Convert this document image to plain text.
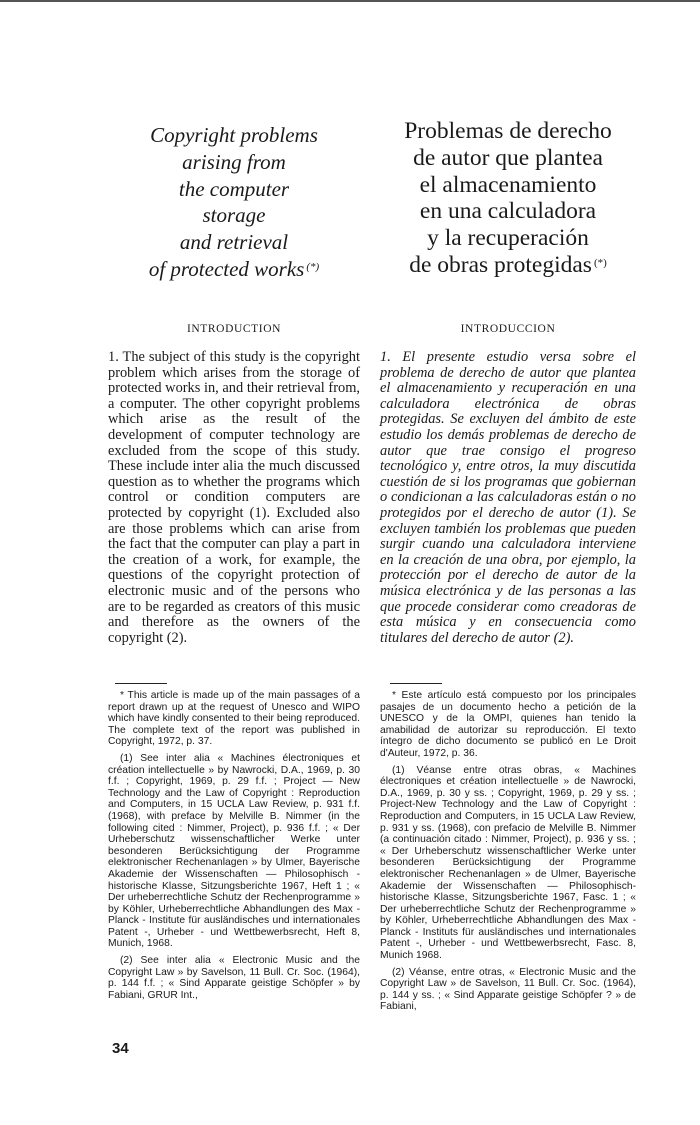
Copyright problems
arising from
the computer
storage
and retrieval
of protected works (*)
Problemas de derecho
de autor que plantea
el almacenamiento
en una calculadora
y la recuperación
de obras protegidas (*)
INTRODUCTION	INTRODUCCION
1. The subject of this study is the copyright problem which arises from the storage of protected works in, and their retrieval from, a computer. The other copyright problems which arise as the result of the development of computer technology are excluded from the scope of this study. These include inter alia the much discussed question as to whether the programs which control or condition computers are protected by copyright (1). Excluded also are those problems which can arise from the fact that the computer can play a part in the creation of a work, for example, the questions of the copyright protection of electronic music and of the persons who are to be regarded as creators of this music and therefore as the owners of the copyright (2).
1. El presente estudio versa sobre el problema de derecho de autor que plantea el almacenamiento y recuperación en una calculadora electrónica de obras protegidas. Se excluyen del ámbito de este estudio los demás problemas de derecho de autor que trae consigo el progreso tecnológico y, entre otros, la muy discutida cuestión de si los programas que gobiernan o condicionan a las calculadoras están o no protegidos por el derecho de autor (1). Se excluyen también los problemas que pueden surgir cuando una calculadora interviene en la creación de una obra, por ejemplo, la protección por el derecho de autor de la música electrónica y de las personas a las que procede considerar como creadoras de esta música y en consecuencia como titulares del derecho de autor (2).

* This article is made up of the main passages of a report drawn up at the request of Unesco and WIPO which have kindly consented to their being reproduced. The complete text of the report was published in Copyright, 1972, p. 37.

(1) See inter alia « Machines électroniques et création intellectuelle » by Nawrocki, D.A., 1969, p. 30 f.f. ; Copyright, 1969, p. 29 f.f. ; Project — New Technology and the Law of Copyright : Reproduction and Computers, in 15 UCLA Law Review, p. 931 f.f. (1968), with preface by Melville B. Nimmer (in the following cited : Nimmer, Project), p. 936 f.f. ; « Der Urheberschutz wissenschaftlicher Werke unter besonderen Berücksichtigung der Programme elektronischer Rechenanlagen » by Ulmer, Bayerische Akademie der Wissenschaften — Philosophisch - historische Klasse, Sitzungsberichte 1967, Heft 1 ; « Der urheberrechtliche Schutz der Rechenprogramme » by Köhler, Urheberrechtliche Abhandlungen des Max - Planck - Institute für ausländisches und internationales Patent -, Urheber - und Wettbewerbsrecht, Heft 8, Munich, 1968.

(2) See inter alia « Electronic Music and the Copyright Law » by Savelson, 11 Bull. Cr. Soc. (1964), p. 144 f.f. ; « Sind Apparate geistige Schöpfer » by Fabiani, GRUR Int.,

* Este artículo está compuesto por los principales pasajes de un documento hecho a petición de la UNESCO y de la OMPI, quienes han tenido la amabilidad de autorizar su reproducción. El texto íntegro de dicho documento se publicó en Le Droit d'Auteur, 1972, p. 36.

(1) Véanse entre otras obras, « Machines électroniques et création intellectuelle » de Nawrocki, D.A., 1969, p. 30 y ss. ; Copyright, 1969, p. 29 y ss. ; Project-New Technology and the Law of Copyright : Reproduction and Computers, in 15 UCLA Law Review, p. 931 y ss. (1968), con prefacio de Melville B. Nimmer (a continuación citado : Nimmer, Project), p. 936 y ss. ; « Der Urheberschutz wissenschaftlicher Werke unter besonderen Berücksichtigung der Programme elektronischer Rechenanlagen » de Ulmer, Bayerische Akademie der Wissenschaften — Philosophisch-historische Klasse, Sitzungsberichte 1967, Fasc. 1 ; « Der urheberrechtliche Schutz der Rechenprogramme » by Köhler, Urheberrechtliche Abhandlungen des Max - Planck - Instituts für ausländisches und internationales Patent -, Urheber - und Wettbewerbsrecht, Fasc. 8, Munich 1968.

(2) Véanse, entre otras, « Electronic Music and the Copyright Law » de Savelson, 11 Bull. Cr. Soc. (1964), p. 144 y ss. ; « Sind Apparate geistige Schöpfer ? » de Fabiani,

34
